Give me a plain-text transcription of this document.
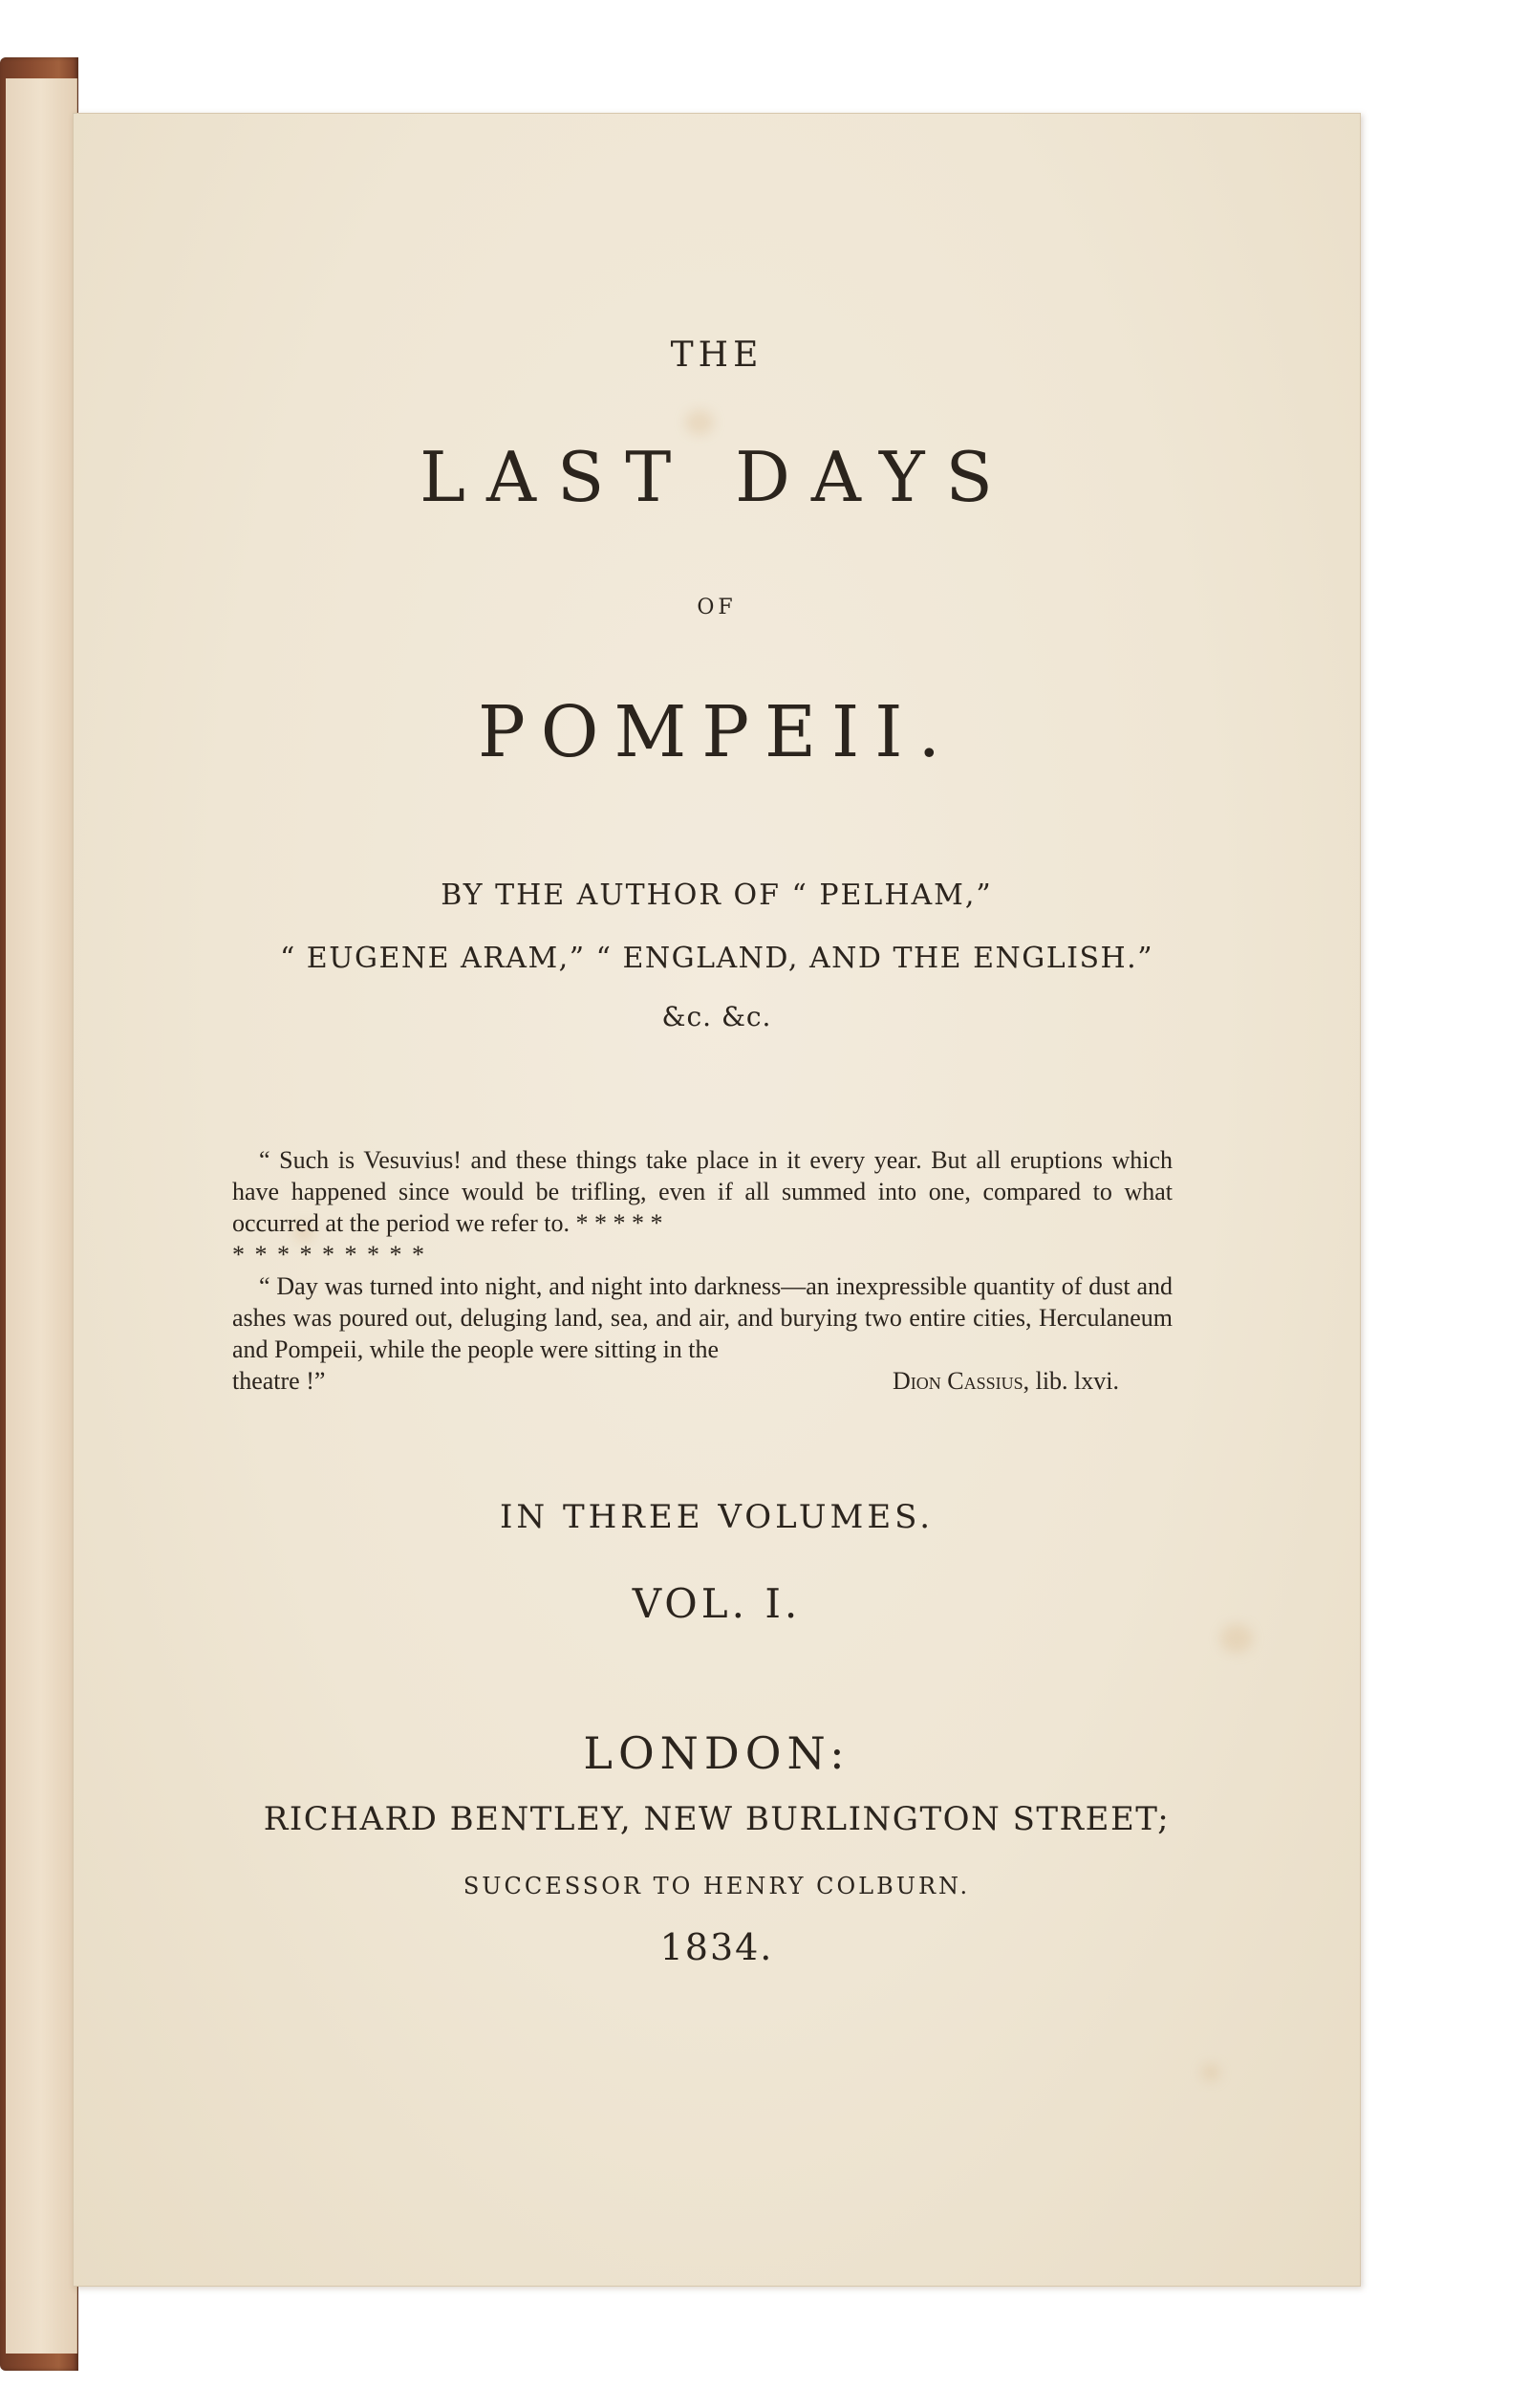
THE
LAST DAYS
OF
POMPEII.
BY THE AUTHOR OF “ PELHAM,”
“ EUGENE ARAM,” “ ENGLAND, AND THE ENGLISH.”
&c. &c.

“ Such is Vesuvius! and these things take place in it every year. But all eruptions which have happened since would be trifling, even if all summed into one, compared to what occurred at the period we refer to. * * * * *

* * * * * * * * *

“ Day was turned into night, and night into darkness—an inexpressible quantity of dust and ashes was poured out, deluging land, sea, and air, and burying two entire cities, Herculaneum and Pompeii, while the people were sitting in the

theatre !”	Dion Cassius, lib. lxvi.
IN THREE VOLUMES.
VOL. I.
LONDON:
RICHARD BENTLEY, NEW BURLINGTON STREET;
SUCCESSOR TO HENRY COLBURN.
1834.
